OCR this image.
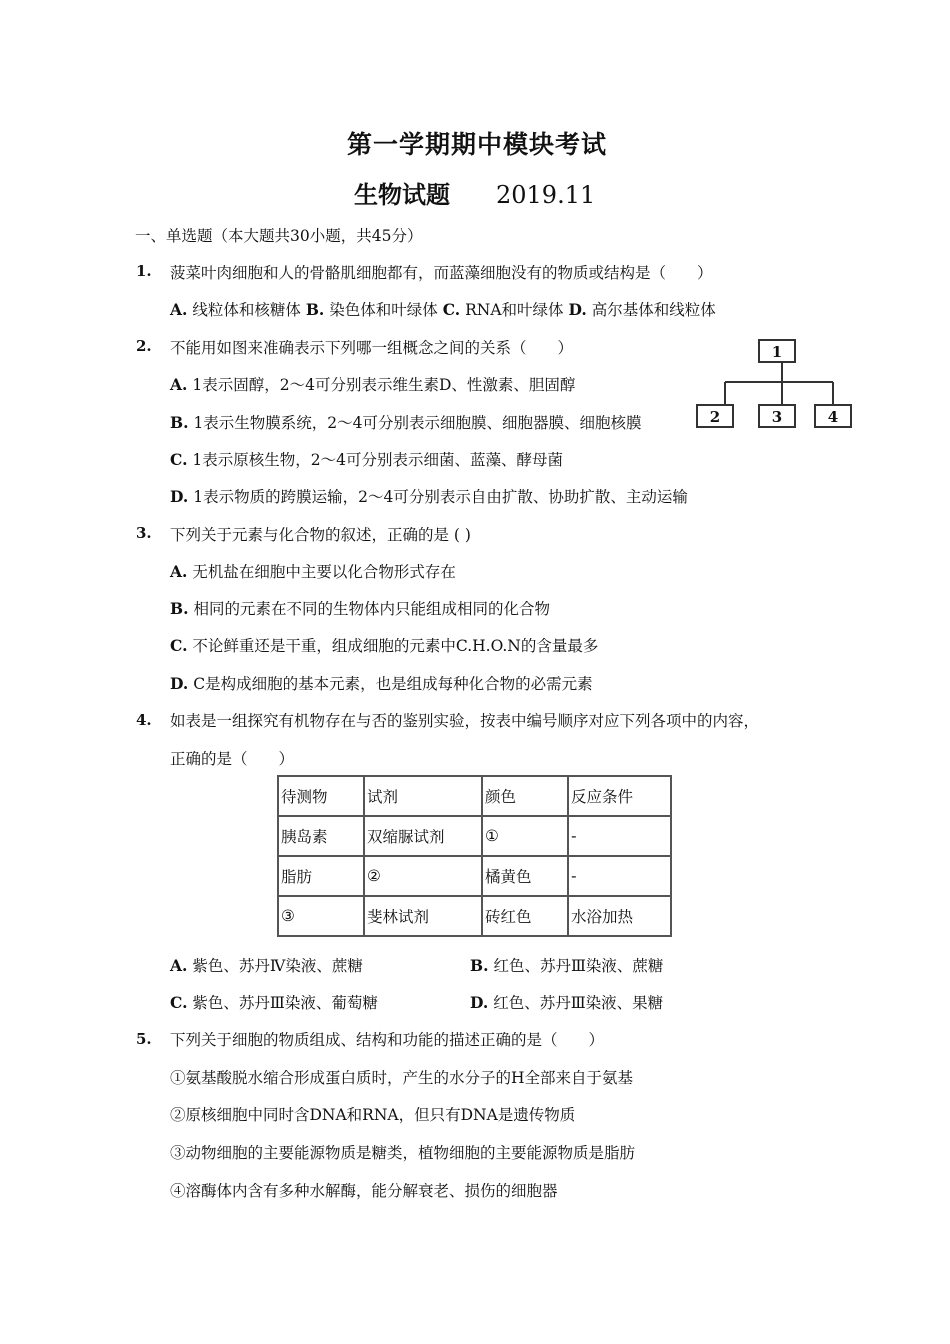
第一学期期中模块考试
生物试题 2019.11
一、单选题（本大题共30小题，共45分）
1. 菠菜叶肉细胞和人的骨骼肌细胞都有，而蓝藻细胞没有的物质或结构是（　　）
A. 线粒体和核糖体 B. 染色体和叶绿体 C. RNA和叶绿体 D. 高尔基体和线粒体
2. 不能用如图来准确表示下列哪一组概念之间的关系（　　）
A. 1表示固醇，2～4可分别表示维生素D、性激素、胆固醇
B. 1表示生物膜系统，2～4可分别表示细胞膜、细胞器膜、细胞核膜
C. 1表示原核生物，2～4可分别表示细菌、蓝藻、酵母菌
D. 1表示物质的跨膜运输，2～4可分别表示自由扩散、协助扩散、主动运输
1
2	3	4
3. 下列关于元素与化合物的叙述，正确的是 ( )
A. 无机盐在细胞中主要以化合物形式存在
B. 相同的元素在不同的生物体内只能组成相同的化合物
C. 不论鲜重还是干重，组成细胞的元素中C.H.O.N的含量最多
D. C是构成细胞的基本元素，也是组成每种化合物的必需元素
4. 如表是一组探究有机物存在与否的鉴别实验，按表中编号顺序对应下列各项中的内容，
正确的是（　　）
待测物	试剂	颜色	反应条件
胰岛素	双缩脲试剂	①	-
脂肪	②	橘黄色	-
③	斐林试剂	砖红色	水浴加热
A. 紫色、苏丹Ⅳ染液、蔗糖	B. 红色、苏丹Ⅲ染液、蔗糖
C. 紫色、苏丹Ⅲ染液、葡萄糖	D. 红色、苏丹Ⅲ染液、果糖
5. 下列关于细胞的物质组成、结构和功能的描述正确的是（　　）
①氨基酸脱水缩合形成蛋白质时，产生的水分子的H全部来自于氨基
②原核细胞中同时含DNA和RNA，但只有DNA是遗传物质
③动物细胞的主要能源物质是糖类，植物细胞的主要能源物质是脂肪
④溶酶体内含有多种水解酶，能分解衰老、损伤的细胞器
